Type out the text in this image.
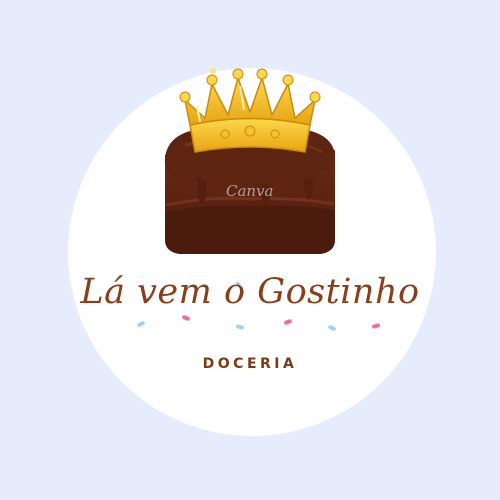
Canva
Lá vem o Gostinho
DOCERIA
